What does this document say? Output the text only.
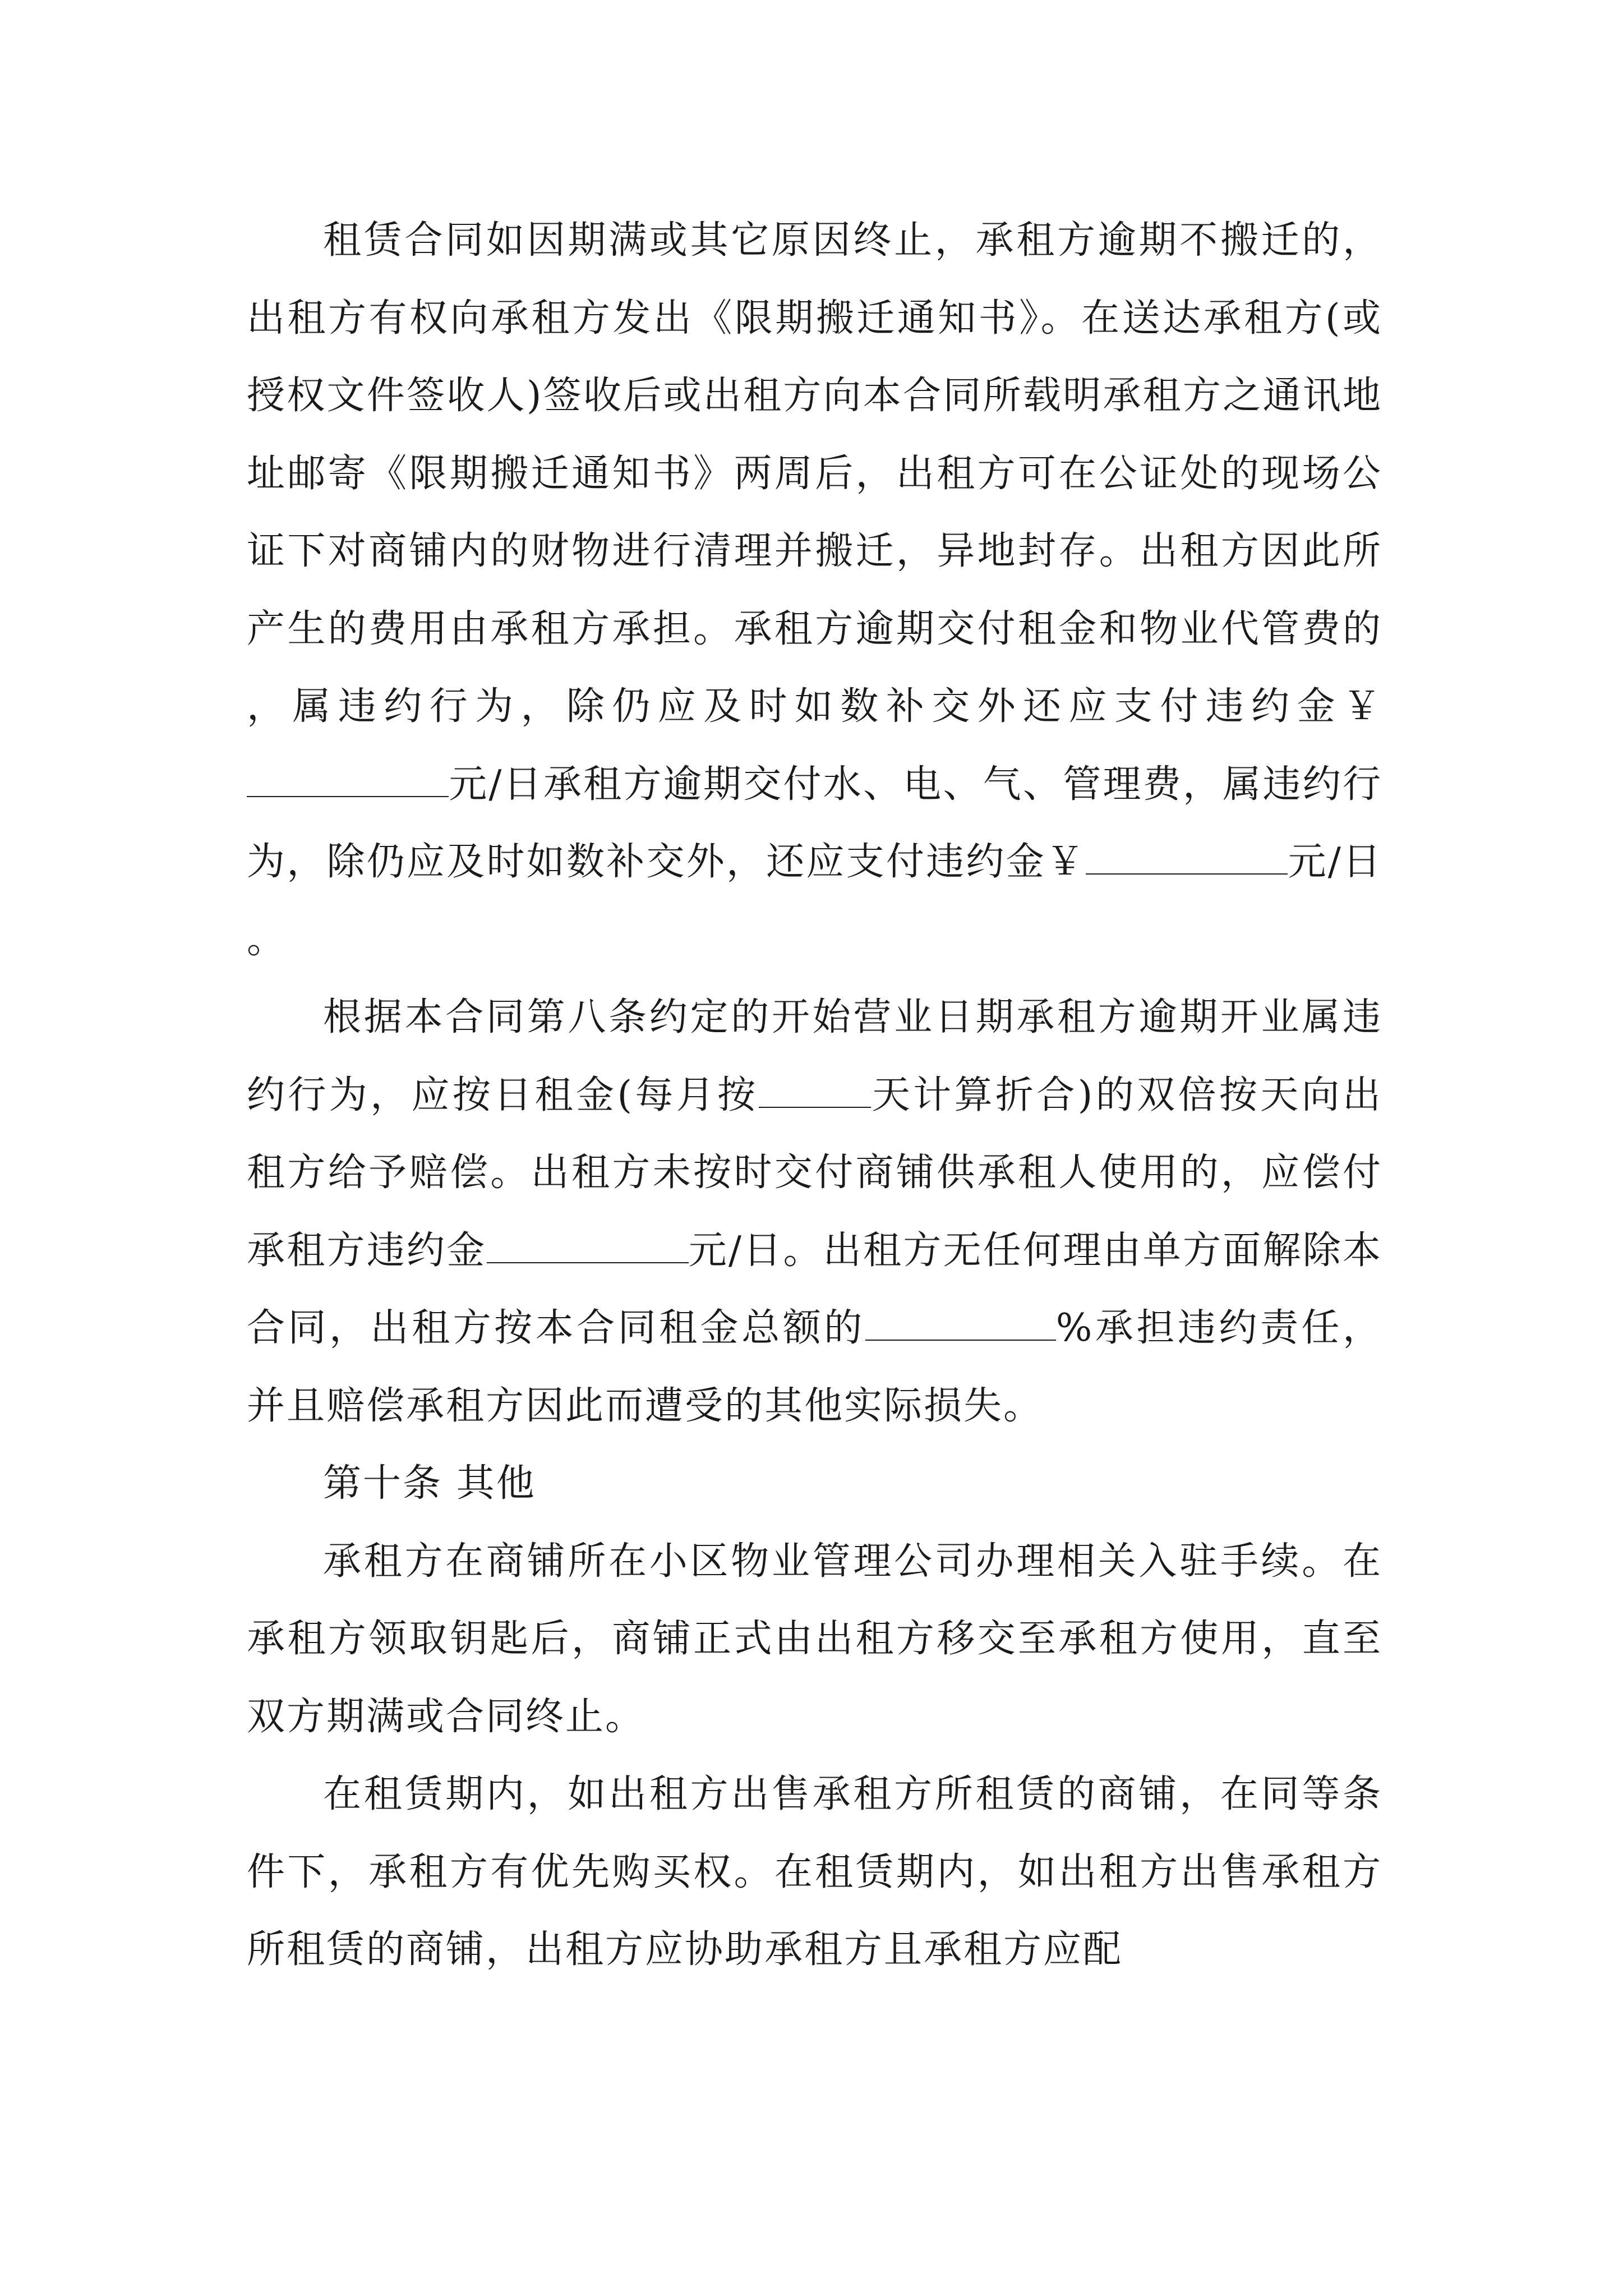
租赁合同如因期满或其它原因终止，承租方逾期不搬迁的，出租方有权向承租方发出《限期搬迁通知书》。在送达承租方(或授权文件签收人)签收后或出租方向本合同所载明承租方之通讯地址邮寄《限期搬迁通知书》两周后，出租方可在公证处的现场公证下对商铺内的财物进行清理并搬迁，异地封存。出租方因此所产生的费用由承租方承担。承租方逾期交付租金和物业代管费的，属违约行为，除仍应及时如数补交外还应支付违约金￥元/日承租方逾期交付水、电、气、管理费，属违约行为，除仍应及时如数补交外，还应支付违约金￥	元/日。

根据本合同第八条约定的开始营业日期承租方逾期开业属违约行为，应按日租金(每月按	天计算折合)的双倍按天向出租方给予赔偿。出租方未按时交付商铺供承租人使用的，应偿付承租方违约金	元/日。出租方无任何理由单方面解除本合同，出租方按本合同租金总额的	%承担违约责任，并且赔偿承租方因此而遭受的其他实际损失。

第十条 其他

承租方在商铺所在小区物业管理公司办理相关入驻手续。在承租方领取钥匙后，商铺正式由出租方移交至承租方使用，直至双方期满或合同终止。

在租赁期内，如出租方出售承租方所租赁的商铺，在同等条件下，承租方有优先购买权。在租赁期内，如出租方出售承租方所租赁的商铺，出租方应协助承租方且承租方应配
